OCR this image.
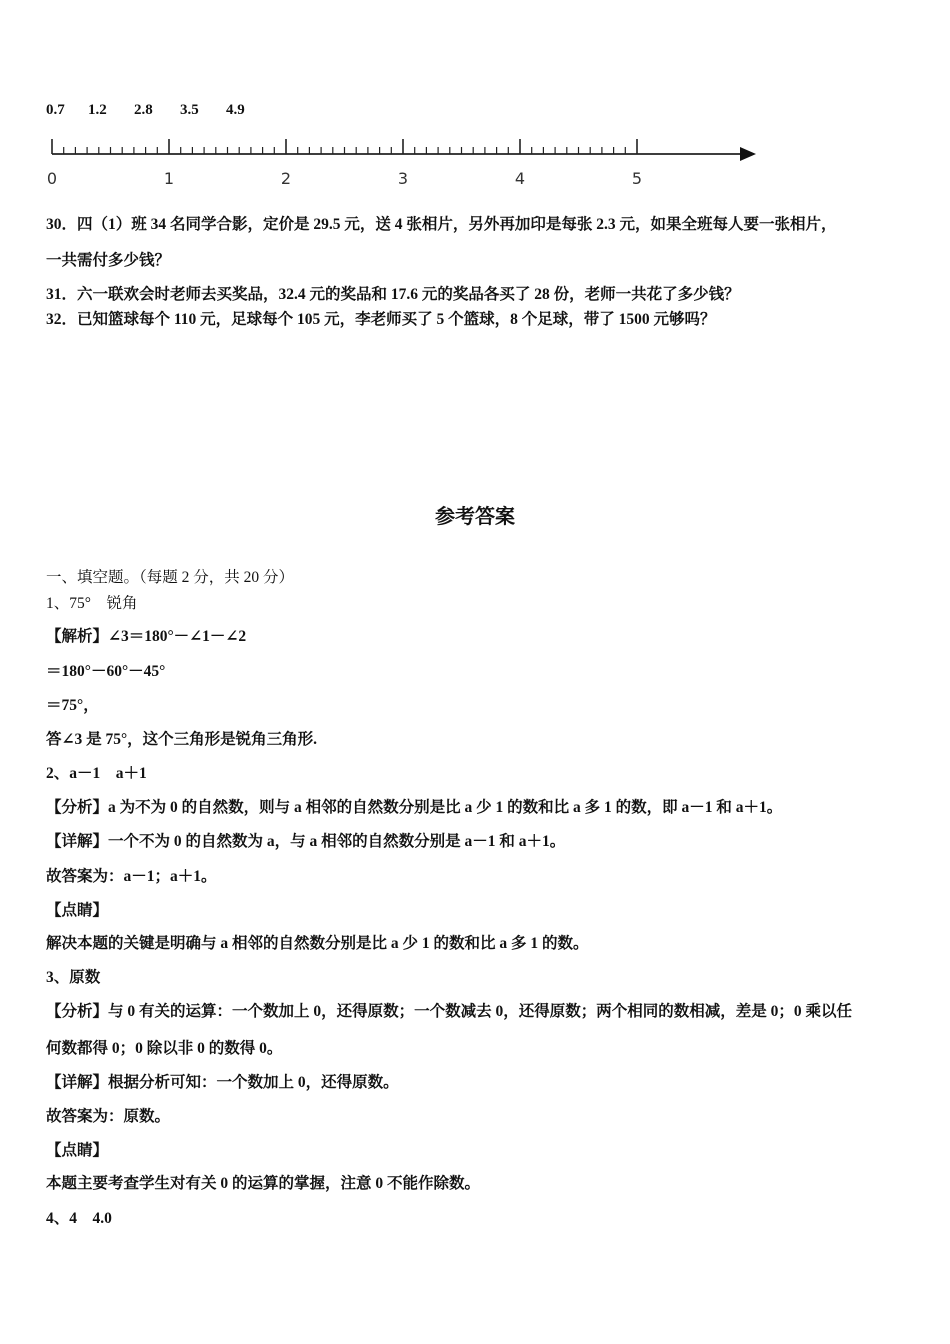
0.7 1.2 2.8 3.5 4.9
0	1	2	3	4	5
30．四（1）班 34 名同学合影，定价是 29.5 元，送 4 张相片，另外再加印是每张 2.3 元，如果全班每人要一张相片，
一共需付多少钱？
31．六一联欢会时老师去买奖品，32.4 元的奖品和 17.6 元的奖品各买了 28 份，老师一共花了多少钱？
32．已知篮球每个 110 元，足球每个 105 元，李老师买了 5 个篮球，8 个足球，带了 1500 元够吗？
参考答案
一、填空题。（每题 2 分，共 20 分）
1、75°　锐角
【解析】∠3＝180°－∠1－∠2
＝180°－60°－45°
＝75°，
答∠3 是 75°，这个三角形是锐角三角形.
2、a－1　a＋1
【分析】a 为不为 0 的自然数，则与 a 相邻的自然数分别是比 a 少 1 的数和比 a 多 1 的数，即 a－1 和 a＋1。
【详解】一个不为 0 的自然数为 a，与 a 相邻的自然数分别是 a－1 和 a＋1。
故答案为：a－1；a＋1。
【点睛】
解决本题的关键是明确与 a 相邻的自然数分别是比 a 少 1 的数和比 a 多 1 的数。
3、原数
【分析】与 0 有关的运算：一个数加上 0，还得原数；一个数减去 0，还得原数；两个相同的数相减，差是 0；0 乘以任
何数都得 0；0 除以非 0 的数得 0。
【详解】根据分析可知：一个数加上 0，还得原数。
故答案为：原数。
【点睛】
本题主要考查学生对有关 0 的运算的掌握，注意 0 不能作除数。
4、4　4.0
